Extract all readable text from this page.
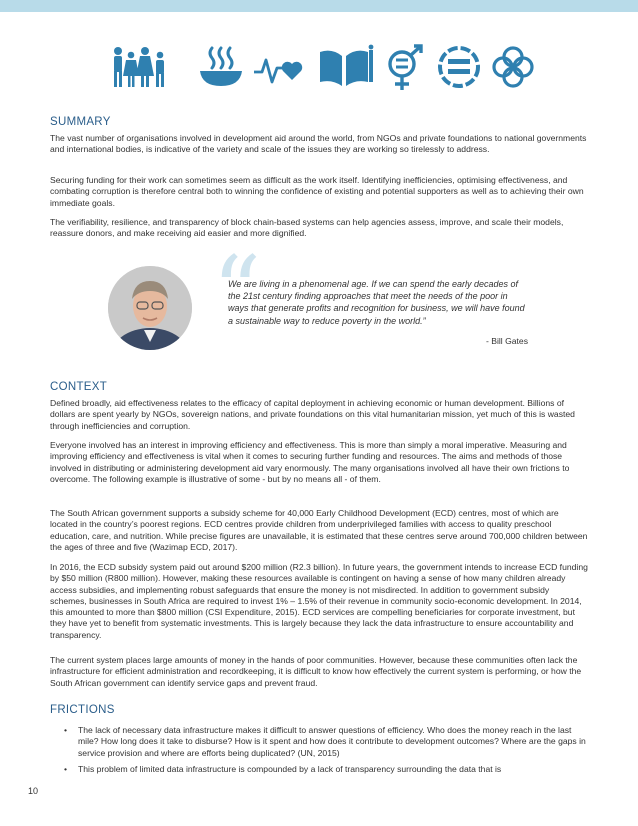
SUMMARY

The vast number of organisations involved in development aid around the world, from NGOs and private foundations to national governments and international bodies, is indicative of the variety and scale of the issues they are working so tirelessly to address.

Securing funding for their work can sometimes seem as difficult as the work itself. Identifying inefficiencies, optimising effectiveness, and combating corruption is therefore central both to winning the confidence of existing and potential supporters as well as to achieving their own immediate goals.

The verifiability, resilience, and transparency of block chain-based systems can help agencies assess, improve, and scale their models, reassure donors, and make receiving aid easier and more dignified.

“

We are living in a phenomenal age. If we can spend the early decades of the 21st century finding approaches that meet the needs of the poor in ways that generate profits and recognition for business, we will have found a sustainable way to reduce poverty in the world.”

- Bill Gates
CONTEXT

Defined broadly, aid effectiveness relates to the efficacy of capital deployment in achieving economic or human development. Billions of dollars are spent yearly by NGOs, sovereign nations, and private foundations on this vital humanitarian mission, yet much of this is wasted through inefficiencies and corruption.

Everyone involved has an interest in improving efficiency and effectiveness. This is more than simply a moral imperative. Measuring and improving efficiency and effectiveness is vital when it comes to securing further funding and resources. The aims and methods of those involved in distributing or administering development aid vary enormously. The many organisations involved all have their own frictions to overcome. The following example is illustrative of some - but by no means all - of them.

The South African government supports a subsidy scheme for 40,000 Early Childhood Development (ECD) centres, most of which are located in the country’s poorest regions. ECD centres provide children from underprivileged families with access to quality preschool education, care, and nutrition. While precise figures are unavailable, it is estimated that these centres serve around 700,000 children between the ages of three and five (Wazimap ECD, 2017).

In 2016, the ECD subsidy system paid out around $200 million (R2.3 billion). In future years, the government intends to increase ECD funding by $50 million (R800 million). However, making these resources available is contingent on having a sense of how many children already access subsidies, and implementing robust safeguards that ensure the money is not misdirected. In addition to government subsidy schemes, businesses in South Africa are required to invest 1% – 1.5% of their revenue in community socio-economic development. In 2014, this amounted to more than $800 million (CSI Expenditure, 2015). ECD services are compelling beneficiaries for corporate investment, but they have yet to benefit from systematic investments. This is largely because they lack the data infrastructure to ensure accountability and transparency.

The current system places large amounts of money in the hands of poor communities. However, because these communities often lack the infrastructure for efficient administration and recordkeeping, it is difficult to know how effectively the current system is performing, or how the South African government can identify service gaps and prevent fraud.

FRICTIONS
• The lack of necessary data infrastructure makes it difficult to answer questions of efficiency. Who does the money reach in the last mile? How long does it take to disburse? How is it spent and how does it contribute to development outcomes? Where are the gaps in service provision and where are efforts being duplicated? (UN, 2015)
• This problem of limited data infrastructure is compounded by a lack of transparency surrounding the data that is
10
